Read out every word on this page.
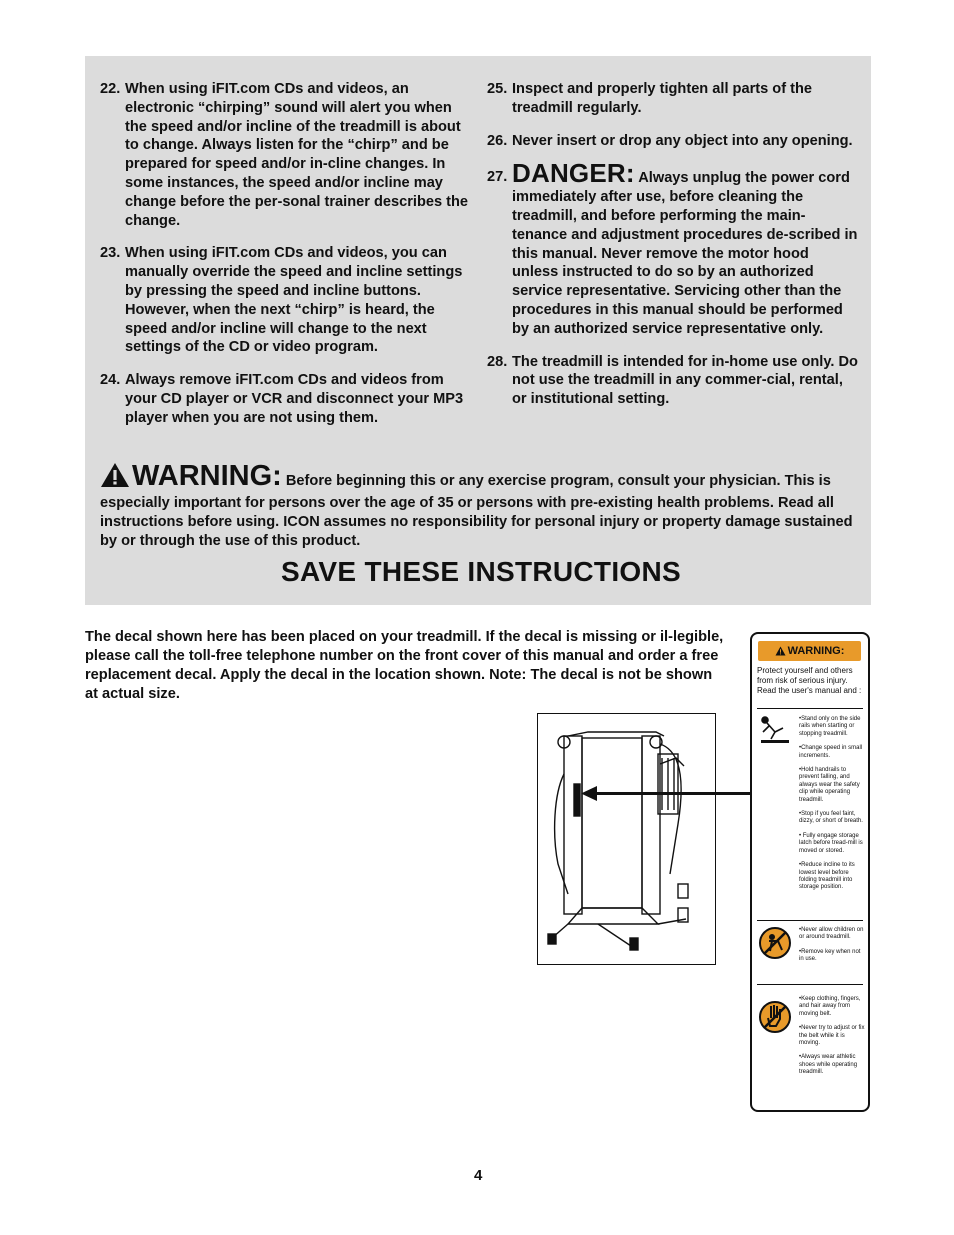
22. When using iFIT.com CDs and videos, an electronic “chirping” sound will alert you when the speed and/or incline of the treadmill is about to change. Always listen for the “chirp” and be prepared for speed and/or in-cline changes. In some instances, the speed and/or incline may change before the per-sonal trainer describes the change.
23. When using iFIT.com CDs and videos, you can manually override the speed and incline settings by pressing the speed and incline buttons. However, when the next “chirp” is heard, the speed and/or incline will change to the next settings of the CD or video program.
24. Always remove iFIT.com CDs and videos from your CD player or VCR and disconnect your MP3 player when you are not using them.
25. Inspect and properly tighten all parts of the treadmill regularly.
26. Never insert or drop any object into any opening.
27. DANGER: Always unplug the power cord immediately after use, before cleaning the treadmill, and before performing the main-tenance and adjustment procedures de-scribed in this manual. Never remove the motor hood unless instructed to do so by an authorized service representative. Servicing other than the procedures in this manual should be performed by an authorized service representative only.
28. The treadmill is intended for in-home use only. Do not use the treadmill in any commer-cial, rental, or institutional setting.
WARNING: Before beginning this or any exercise program, consult your physician. This is especially important for persons over the age of 35 or persons with pre-existing health problems. Read all instructions before using. ICON assumes no responsibility for personal injury or property damage sustained by or through the use of this product.
SAVE THESE INSTRUCTIONS
The decal shown here has been placed on your treadmill. If the decal is missing or il-legible, please call the toll-free telephone number on the front cover of this manual and order a free replacement decal. Apply the decal in the location shown. Note: The decal is not be shown at actual size.
WARNING:
Protect yourself and others from risk of serious injury. Read the user's manual and :

•Stand only on the side rails when starting or stopping treadmill.

•Change speed in small increments.

•Hold handrails to prevent falling, and always wear the safety clip while operating treadmill.

•Stop if you feel faint, dizzy, or short of breath.

• Fully engage storage latch before tread-mill is moved or stored.

•Reduce incline to its lowest level before folding treadmill into storage position.

•Never allow children on or around treadmill.

•Remove key when not in use.

•Keep clothing, fingers, and hair away from moving belt.

•Never try to adjust or fix the belt while it is moving.

•Always wear athletic shoes while operating treadmill.

4
